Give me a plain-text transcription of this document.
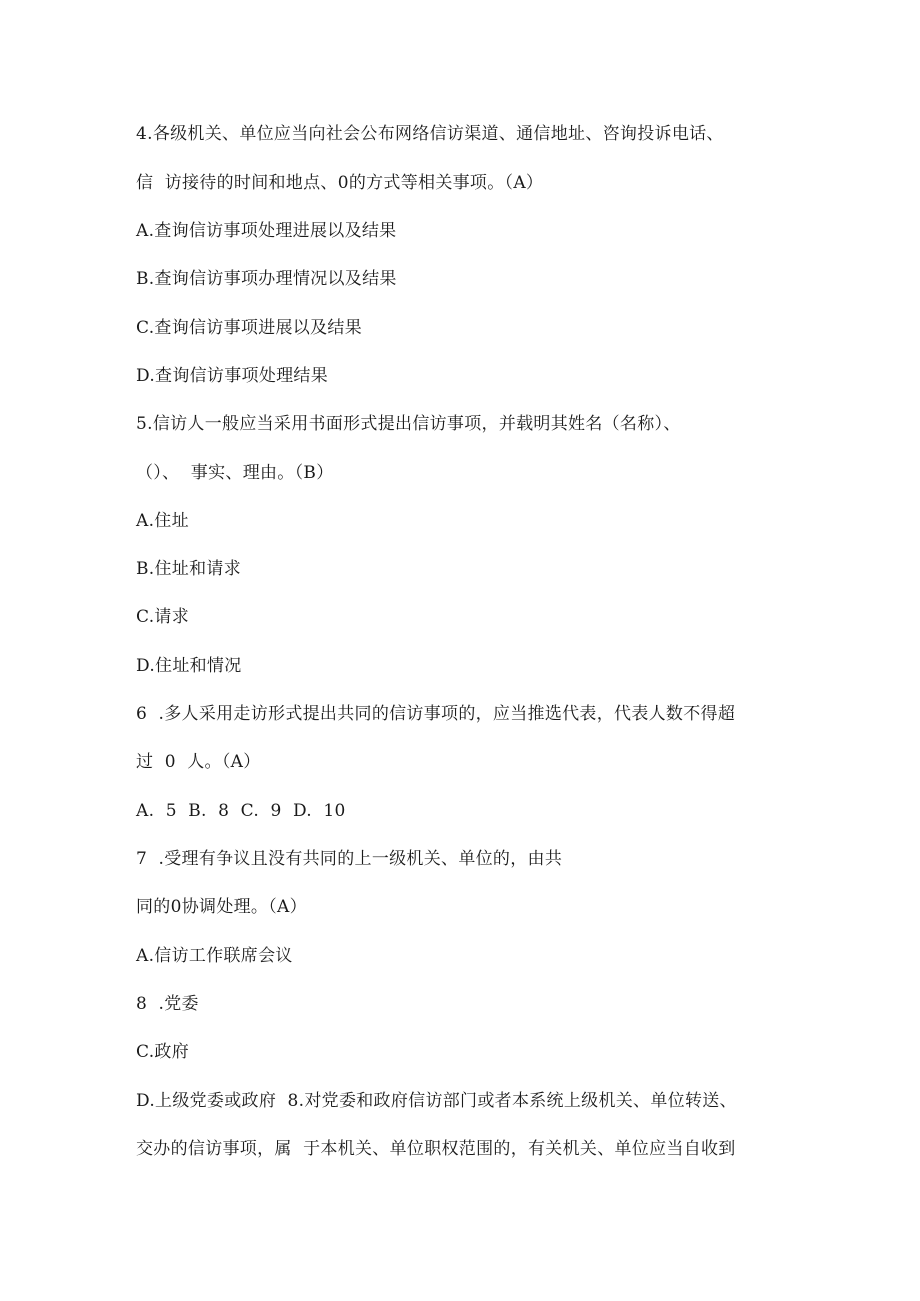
4.各级机关、单位应当向社会公布网络信访渠道、通信地址、咨询投诉电话、
信  访接待的时间和地点、0的方式等相关事项。（A）
A.查询信访事项处理进展以及结果
B.查询信访事项办理情况以及结果
C.查询信访事项进展以及结果
D.查询信访事项处理结果
5.信访人一般应当采用书面形式提出信访事项，并载明其姓名（名称）、
（）、  事实、理由。（B）
A.住址
B.住址和请求
C.请求
D.住址和情况
6  .多人采用走访形式提出共同的信访事项的，应当推选代表，代表人数不得超
过  0  人。（A）
A.  5  B.  8  C.  9  D.  10
7  .受理有争议且没有共同的上一级机关、单位的，由共
同的0协调处理。（A）
A.信访工作联席会议
8  .党委
C.政府
D.上级党委或政府  8.对党委和政府信访部门或者本系统上级机关、单位转送、
交办的信访事项，属  于本机关、单位职权范围的，有关机关、单位应当自收到
